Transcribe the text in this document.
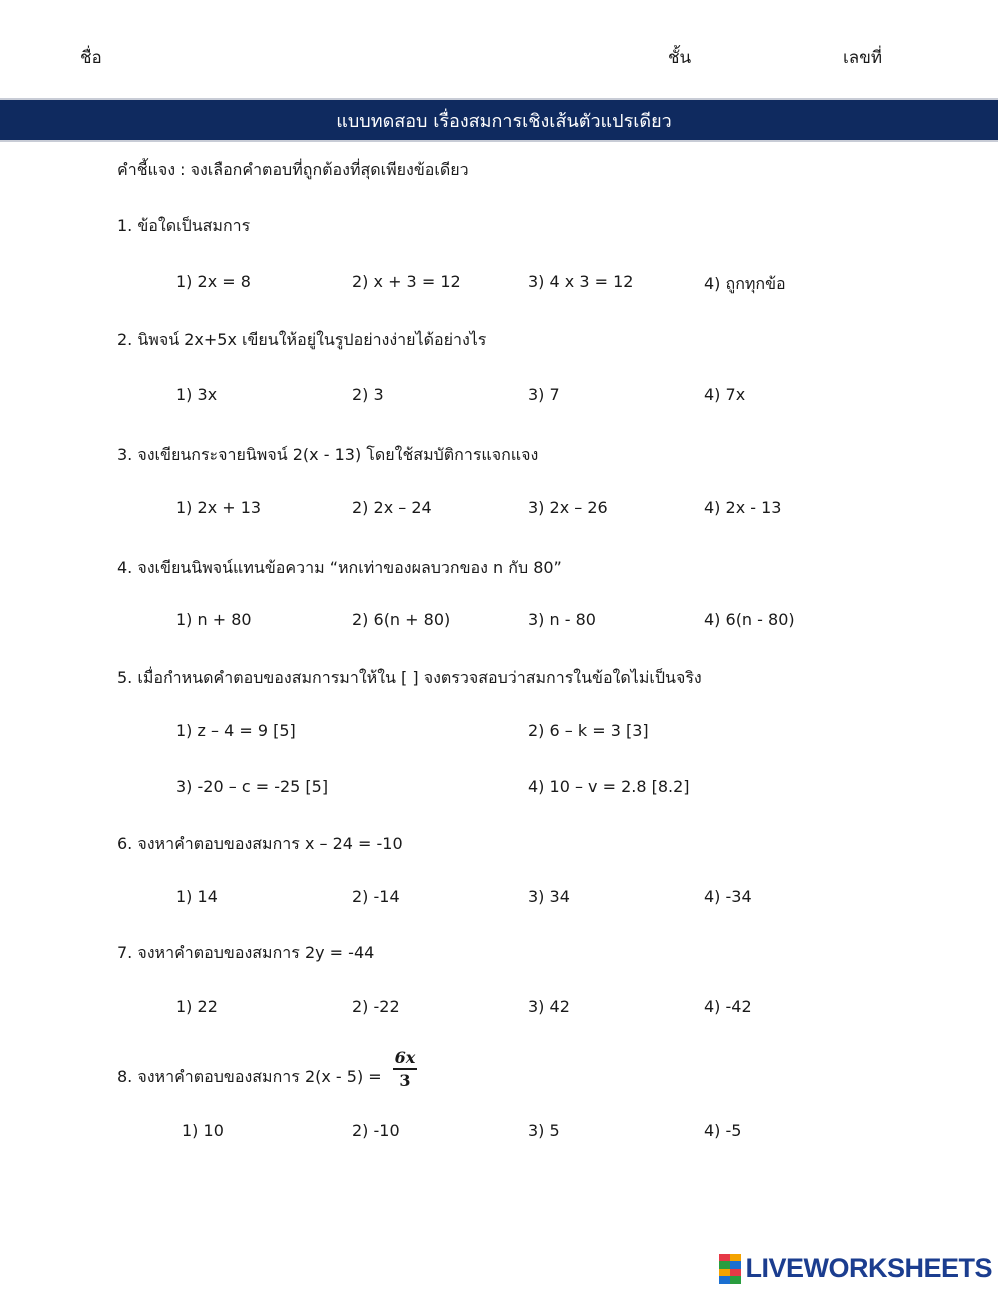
ชื่อ	ชั้น	เลขที่
แบบทดสอบ เรื่องสมการเชิงเส้นตัวแปรเดียว
คำชี้แจง : จงเลือกคำตอบที่ถูกต้องที่สุดเพียงข้อเดียว
1. ข้อใดเป็นสมการ
1) 2x = 8	2) x + 3 = 12	3) 4 x 3 = 12	4) ถูกทุกข้อ
2. นิพจน์ 2x+5x เขียนให้อยู่ในรูปอย่างง่ายได้อย่างไร
1) 3x	2) 3	3) 7	4) 7x
3. จงเขียนกระจายนิพจน์ 2(x - 13) โดยใช้สมบัติการแจกแจง
1) 2x + 13	2) 2x – 24	3) 2x – 26	4) 2x - 13
4. จงเขียนนิพจน์แทนข้อความ “หกเท่าของผลบวกของ n กับ 80”
1) n + 80	2) 6(n + 80)	3) n - 80	4) 6(n - 80)
5. เมื่อกำหนดคำตอบของสมการมาให้ใน [ ] จงตรวจสอบว่าสมการในข้อใดไม่เป็นจริง
1) z – 4 = 9 [5]	2) 6 – k = 3 [3]
3) -20 – c = -25 [5]	4) 10 – v = 2.8 [8.2]
6. จงหาคำตอบของสมการ x – 24 = -10
1) 14	2) -14	3) 34	4) -34
7. จงหาคำตอบของสมการ 2y = -44
1) 22	2) -22	3) 42	4) -42
8. จงหาคำตอบของสมการ 2(x - 5) =
6x
3
1) 10	2) -10	3) 5	4) -5
LIVEWORKSHEETS
